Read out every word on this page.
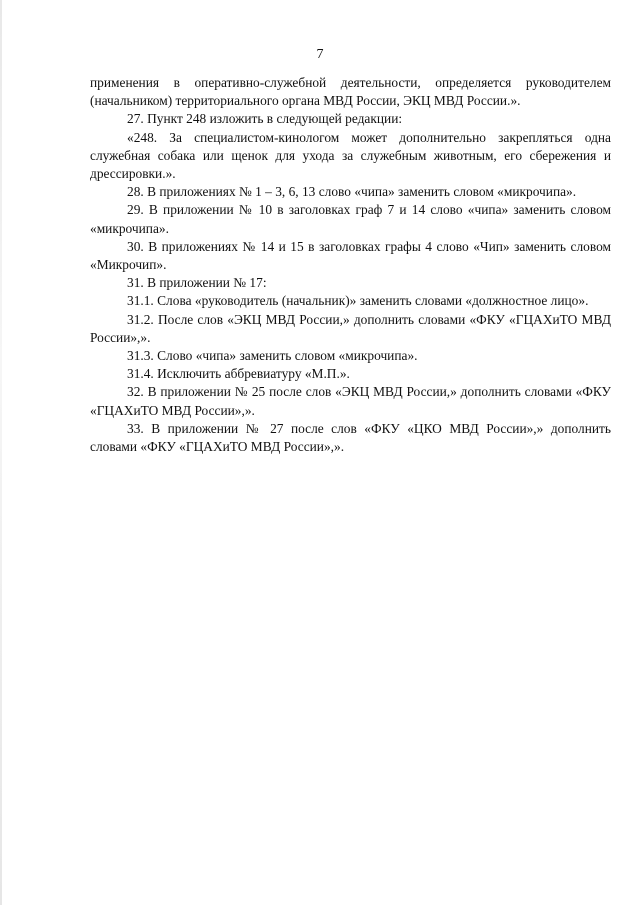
7

применения в оперативно-служебной деятельности, определяется руководителем (начальником) территориального органа МВД России, ЭКЦ МВД России.».

27. Пункт 248 изложить в следующей редакции:

«248. За специалистом-кинологом может дополнительно закрепляться одна служебная собака или щенок для ухода за служебным животным, его сбережения и дрессировки.».

28. В приложениях № 1 – 3, 6, 13 слово «чипа» заменить словом «микрочипа».

29. В приложении № 10 в заголовках граф 7 и 14 слово «чипа» заменить словом «микрочипа».

30. В приложениях № 14 и 15 в заголовках графы 4 слово «Чип» заменить словом «Микрочип».

31. В приложении № 17:

31.1. Слова «руководитель (начальник)» заменить словами «должностное лицо».

31.2. После слов «ЭКЦ МВД России,» дополнить словами «ФКУ «ГЦАХиТО МВД России»,».

31.3. Слово «чипа» заменить словом «микрочипа».

31.4. Исключить аббревиатуру «М.П.».

32. В приложении № 25 после слов «ЭКЦ МВД России,» дополнить словами «ФКУ «ГЦАХиТО МВД России»,».

33. В приложении № 27 после слов «ФКУ «ЦКО МВД России»,» дополнить словами «ФКУ «ГЦАХиТО МВД России»,».
